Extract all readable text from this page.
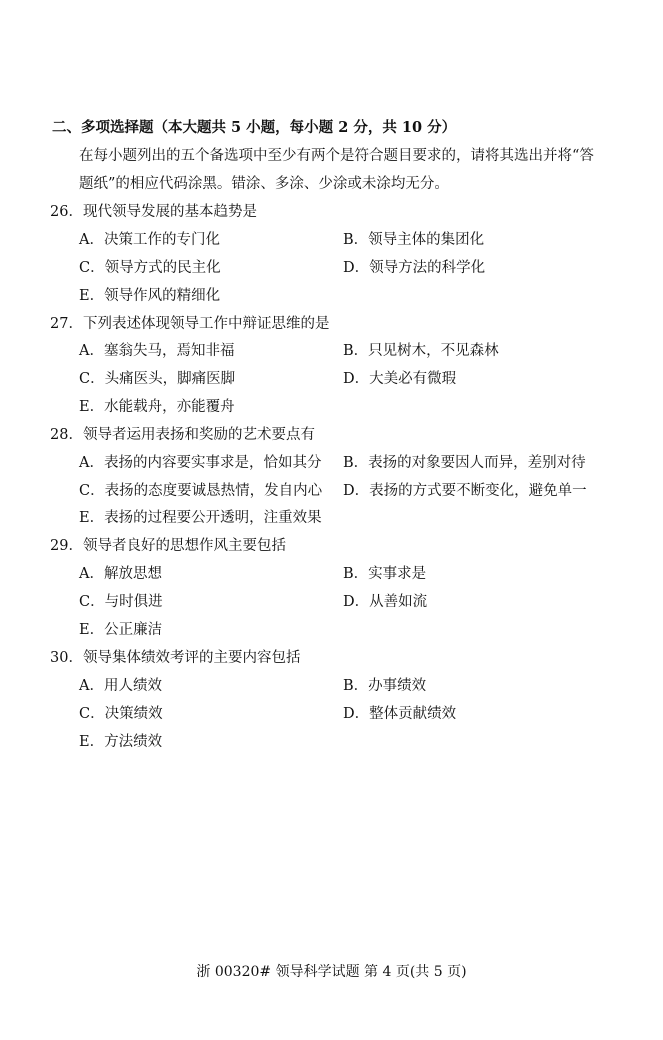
二、多项选择题（本大题共 5 小题，每小题 2 分，共 10 分）
在每小题列出的五个备选项中至少有两个是符合题目要求的，请将其选出并将“答
题纸”的相应代码涂黑。错涂、多涂、少涂或未涂均无分。
26．现代领导发展的基本趋势是
A．决策工作的专门化	B．领导主体的集团化
C．领导方式的民主化	D．领导方法的科学化
E．领导作风的精细化
27．下列表述体现领导工作中辩证思维的是
A．塞翁失马，焉知非福	B．只见树木，不见森林
C．头痛医头，脚痛医脚	D．大美必有微瑕
E．水能载舟，亦能覆舟
28．领导者运用表扬和奖励的艺术要点有
A．表扬的内容要实事求是，恰如其分 B．表扬的对象要因人而异，差别对待
C．表扬的态度要诚恳热情，发自内心 D．表扬的方式要不断变化，避免单一
E．表扬的过程要公开透明，注重效果
29．领导者良好的思想作风主要包括
A．解放思想	B．实事求是
C．与时俱进	D．从善如流
E．公正廉洁
30．领导集体绩效考评的主要内容包括
A．用人绩效	B．办事绩效
C．决策绩效	D．整体贡献绩效
E．方法绩效
浙 00320# 领导科学试题 第 4 页(共 5 页)
